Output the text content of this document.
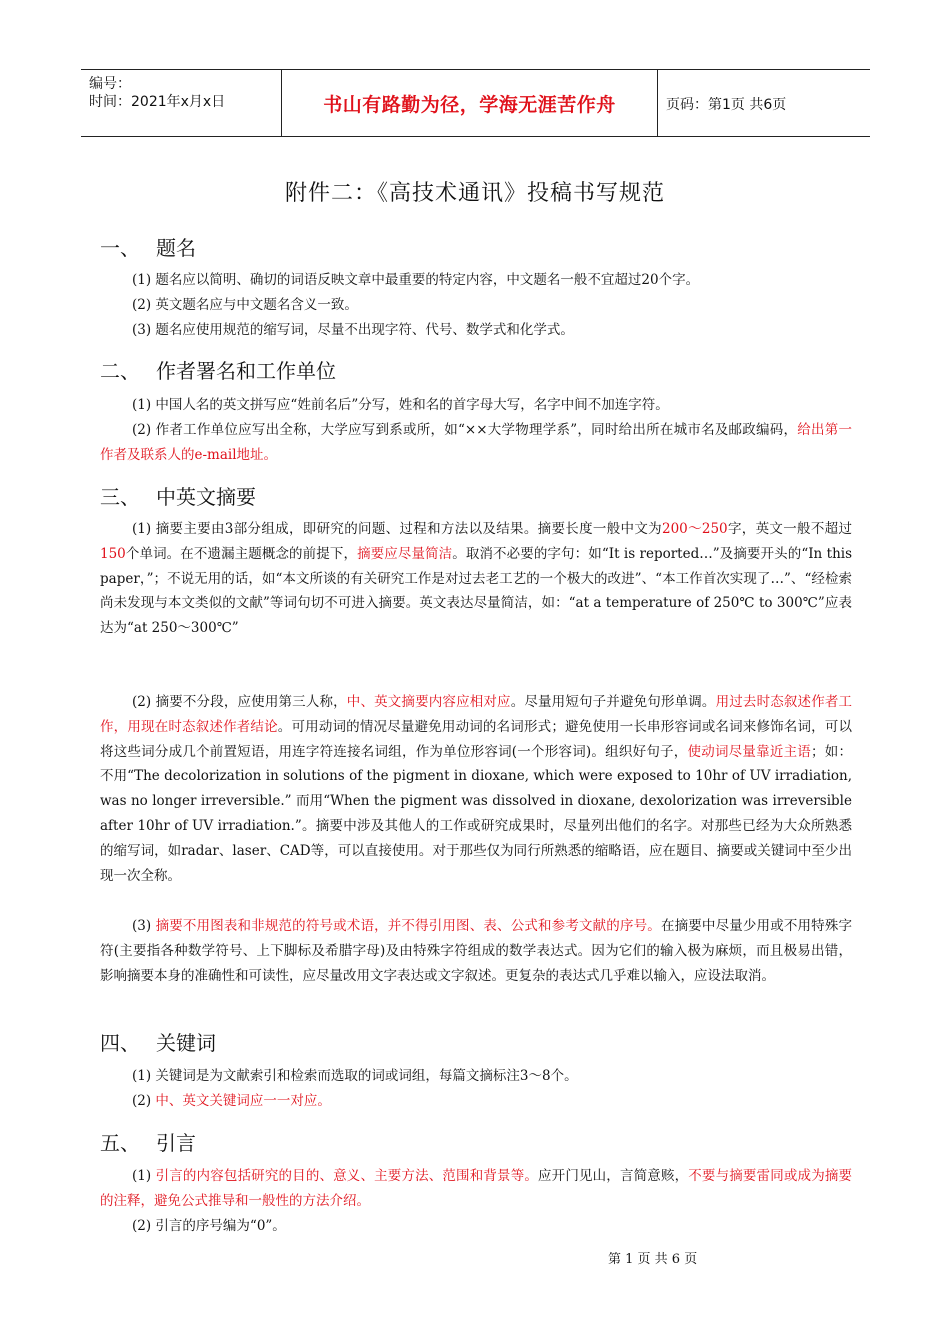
编号：
时间：2021年x月x日	书山有路勤为径，学海无涯苦作舟	页码：第1页 共6页
附件二：《高技术通讯》投稿书写规范
一、 题名

(1) 题名应以简明、确切的词语反映文章中最重要的特定内容，中文题名一般不宜超过20个字。

(2) 英文题名应与中文题名含义一致。

(3) 题名应使用规范的缩写词，尽量不出现字符、代号、数学式和化学式。

二、 作者署名和工作单位

(1) 中国人名的英文拼写应“姓前名后”分写，姓和名的首字母大写，名字中间不加连字符。

(2) 作者工作单位应写出全称，大学应写到系或所，如“××大学物理学系”，同时给出所在城市名及邮政编码，给出第一作者及联系人的e-mail地址。

三、 中英文摘要

(1) 摘要主要由3部分组成，即研究的问题、过程和方法以及结果。摘要长度一般中文为200～250字，英文一般不超过150个单词。在不遗漏主题概念的前提下，摘要应尽量简洁。取消不必要的字句：如“It is reported…”及摘要开头的“In this paper，”；不说无用的话，如“本文所谈的有关研究工作是对过去老工艺的一个极大的改进”、“本工作首次实现了…”、“经检索尚未发现与本文类似的文献”等词句切不可进入摘要。英文表达尽量简洁，如：“at a temperature of 250℃ to 300℃”应表达为“at 250～300℃”

(2) 摘要不分段，应使用第三人称，中、英文摘要内容应相对应。尽量用短句子并避免句形单调。用过去时态叙述作者工作，用现在时态叙述作者结论。可用动词的情况尽量避免用动词的名词形式；避免使用一长串形容词或名词来修饰名词，可以将这些词分成几个前置短语，用连字符连接名词组，作为单位形容词(一个形容词)。组织好句子，使动词尽量靠近主语；如：不用“The decolorization in solutions of the pigment in dioxane, which were exposed to 10hr of UV irradiation, was no longer irreversible.” 而用“When the pigment was dissolved in dioxane, dexolorization was irreversible after 10hr of UV irradiation.”。摘要中涉及其他人的工作或研究成果时，尽量列出他们的名字。对那些已经为大众所熟悉的缩写词，如radar、laser、CAD等，可以直接使用。对于那些仅为同行所熟悉的缩略语，应在题目、摘要或关键词中至少出现一次全称。

(3) 摘要不用图表和非规范的符号或术语，并不得引用图、表、公式和参考文献的序号。在摘要中尽量少用或不用特殊字符(主要指各种数学符号、上下脚标及希腊字母)及由特殊字符组成的数学表达式。因为它们的输入极为麻烦，而且极易出错，影响摘要本身的准确性和可读性，应尽量改用文字表达或文字叙述。更复杂的表达式几乎难以输入，应设法取消。

四、 关键词

(1) 关键词是为文献索引和检索而选取的词或词组，每篇文摘标注3～8个。

(2) 中、英文关键词应一一对应。

五、 引言

(1) 引言的内容包括研究的目的、意义、主要方法、范围和背景等。应开门见山，言简意赅，不要与摘要雷同或成为摘要的注释，避免公式推导和一般性的方法介绍。

(2) 引言的序号编为“0”。

第 1 页 共 6 页
